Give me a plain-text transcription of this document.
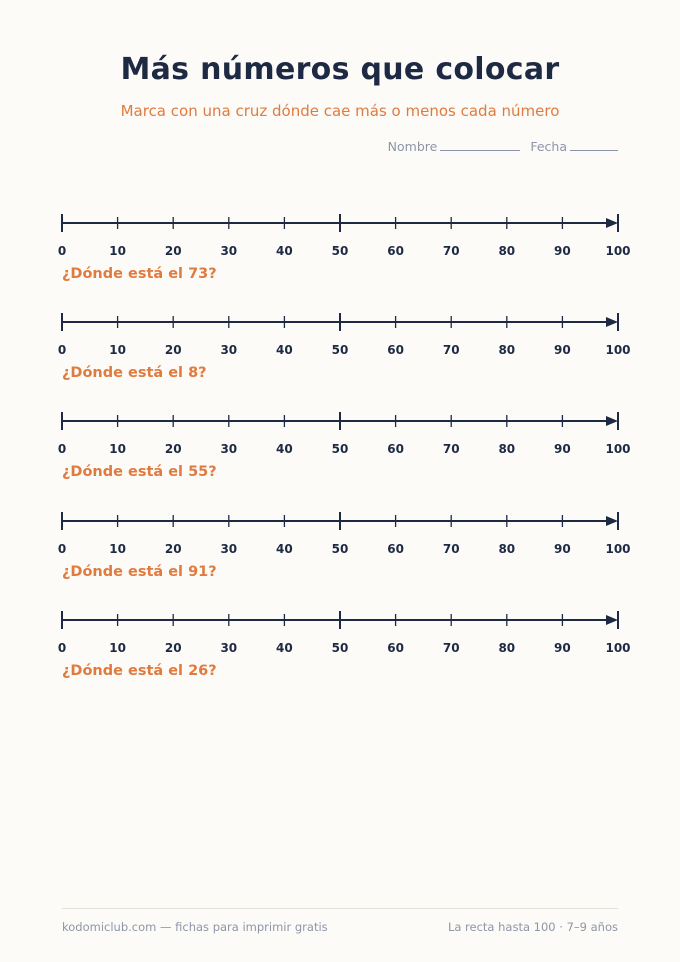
Más números que colocar
Marca con una cruz dónde cae más o menos cada número
Nombre	Fecha
0	10	20	30	40	50	60	70	80	90	100
¿Dónde está el 73?
0	10	20	30	40	50	60	70	80	90	100
¿Dónde está el 8?
0	10	20	30	40	50	60	70	80	90	100
¿Dónde está el 55?
0	10	20	30	40	50	60	70	80	90	100
¿Dónde está el 91?
0	10	20	30	40	50	60	70	80	90	100
¿Dónde está el 26?
kodomiclub.com — fichas para imprimir gratis	La recta hasta 100 · 7–9 años
